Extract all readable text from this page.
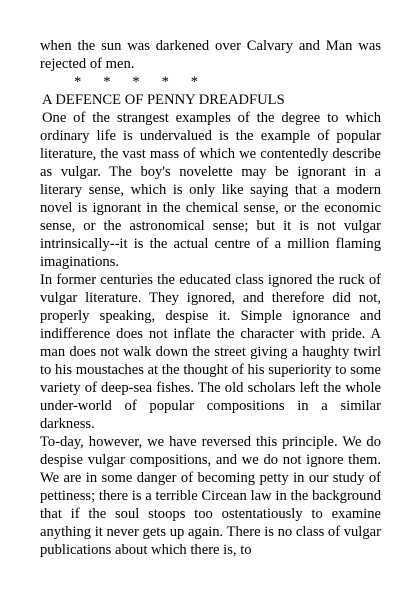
when the sun was darkened over Calvary and Man was rejected of men.

*      *      *      *      *

A DEFENCE OF PENNY DREADFULS

One of the strangest examples of the degree to which ordinary life is undervalued is the example of popular literature, the vast mass of which we contentedly describe as vulgar. The boy's novelette may be ignorant in a literary sense, which is only like saying that a modern novel is ignorant in the chemical sense, or the economic sense, or the astronomical sense; but it is not vulgar intrinsically--it is the actual centre of a million flaming imaginations.

In former centuries the educated class ignored the ruck of vulgar literature. They ignored, and therefore did not, properly speaking, despise it. Simple ignorance and indifference does not inflate the character with pride. A man does not walk down the street giving a haughty twirl to his moustaches at the thought of his superiority to some variety of deep-sea fishes. The old scholars left the whole under-world of popular compositions in a similar darkness.

To-day, however, we have reversed this principle. We do despise vulgar compositions, and we do not ignore them. We are in some danger of becoming petty in our study of pettiness; there is a terrible Circean law in the background that if the soul stoops too ostentatiously to examine anything it never gets up again. There is no class of vulgar publications about which there is, to
